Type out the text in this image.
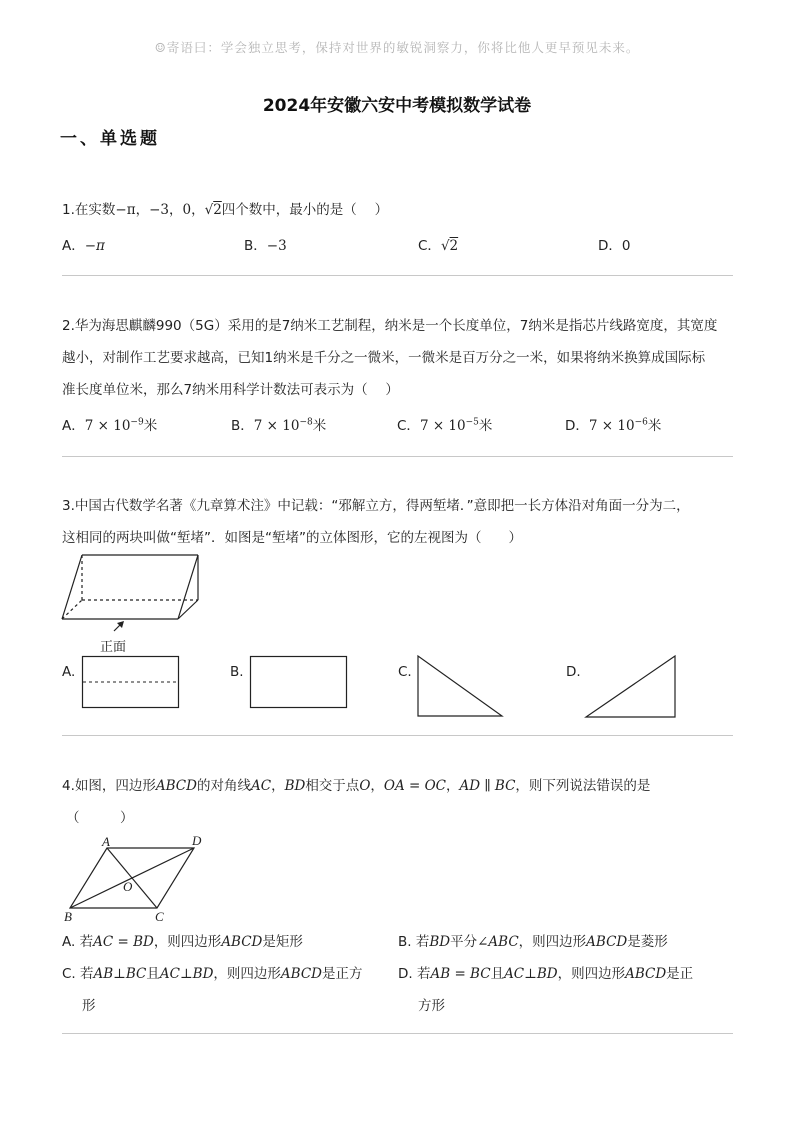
☺寄语曰：学会独立思考，保持对世界的敏锐洞察力，你将比他人更早预见未来。
2024年安徽六安中考模拟数学试卷
一、单选题
1.在实数−π，−3，0，√2四个数中，最小的是（　 ）
A．−π	B．−3	C．√2	D．0
2.华为海思麒麟990（5G）采用的是7纳米工艺制程，纳米是一个长度单位，7纳米是指芯片线路宽度，其宽度
越小，对制作工艺要求越高，已知1纳米是千分之一微米，一微米是百万分之一米，如果将纳米换算成国际标
准长度单位米，那么7纳米用科学计数法可表示为（　 ）
A．$7 \times 10^{-9}$米	B．$7 \times 10^{-8}$米	C．$7 \times 10^{-5}$米	D．$7 \times 10^{-6}$米
3.中国古代数学名著《九章算术注》中记载：“邪解立方，得两堑堵．”意即把一长方体沿对角面一分为二，
这相同的两块叫做“堑堵”．如图是“堑堵”的立体图形，它的左视图为（　　）
正面
A.	B.	C.	D.
4.如图，四边形ABCD的对角线AC，BD相交于点O，OA = OC，AD ∥ BC，则下列说法错误的是
（　　　）
A	D
B	C
O
A. 若AC = BD，则四边形ABCD是矩形	B. 若BD平分∠ABC，则四边形ABCD是菱形
C. 若AB⊥BC且AC⊥BD，则四边形ABCD是正方
形
D. 若AB = BC且AC⊥BD，则四边形ABCD是正
方形
